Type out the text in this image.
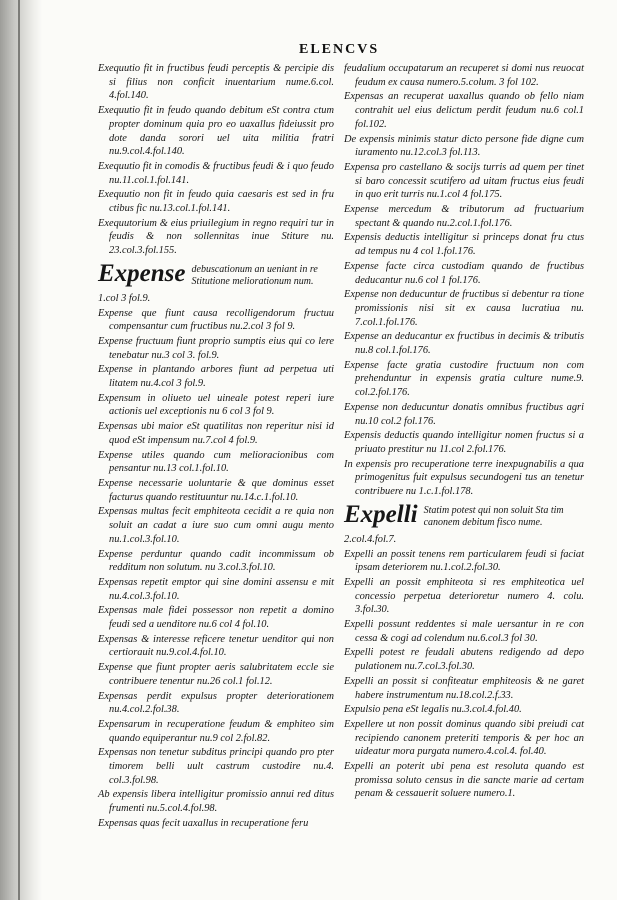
ELENCVS

Exequutio fit in fructibus feudi perceptis & percipie dis si filius non conficit inuentarium nume.6.col. 4.fol.140.

Exequutio fit in feudo quando debitum eSt contra ctum propter dominum quia pro eo uaxallus fideiussit pro dote danda sorori uel uita militia fratri nu.9.col.4.fol.140.

Exequutio fit in comodis & fructibus feudi & i quo feudo nu.11.col.1.fol.141.

Exequutio non fit in feudo quia caesaris est sed in fru ctibus fic nu.13.col.1.fol.141.

Exequutorium & eius priuilegium in regno requiri tur in feudis & non sollennitas inue Stiture nu. 23.col.3.fol.155.

Expense debuscationum an ueniant in re Stitutione meliorationum num.

1.col 3 fol.9.

Expense que fiunt causa recolligendorum fructuu compensantur cum fructibus nu.2.col 3 fol 9.

Expense fructuum fiunt proprio sumptis eius qui co lere tenebatur nu.3 col 3. fol.9.

Expense in plantando arbores fiunt ad perpetua uti litatem nu.4.col 3 fol.9.

Expensum in oliueto uel uineale potest reperi iure actionis uel exceptionis nu 6 col 3 fol 9.

Expensas ubi maior eSt quatilitas non reperitur nisi id quod eSt impensum nu.7.col 4 fol.9.

Expense utiles quando cum melioracionibus com pensantur nu.13 col.1.fol.10.

Expense necessarie uoluntarie & que dominus esset facturus quando restituuntur nu.14.c.1.fol.10.

Expensas multas fecit emphiteota cecidit a re quia non soluit an cadat a iure suo cum omni augu mento nu.1.col.3.fol.10.

Expense perduntur quando cadit incommissum ob redditum non solutum. nu 3.col.3.fol.10.

Expensas repetit emptor qui sine domini assensu e mit nu.4.col.3.fol.10.

Expensas male fidei possessor non repetit a domino feudi sed a uenditore nu.6 col 4 fol.10.

Expensas & interesse reficere tenetur uenditor qui non certiorauit nu.9.col.4.fol.10.

Expense que fiunt propter aeris salubritatem eccle sie contribuere tenentur nu.26 col.1 fol.12.

Expensas perdit expulsus propter deteriorationem nu.4.col.2.fol.38.

Expensarum in recuperatione feudum & emphiteo sim quando equiperantur nu.9 col 2.fol.82.

Expensas non tenetur subditus principi quando pro pter timorem belli uult castrum custodire nu.4. col.3.fol.98.

Ab expensis libera intelligitur promissio annui red ditus frumenti nu.5.col.4.fol.98.

Expensas quas fecit uaxallus in recuperatione feru

feudalium occupatarum an recuperet si domi nus reuocat feudum ex causa numero.5.colum. 3 fol 102.

Expensas an recuperat uaxallus quando ob fello niam contrahit uel eius delictum perdit feudum nu.6 col.1 fol.102.

De expensis minimis statur dicto persone fide digne cum iuramento nu.12.col.3 fol.113.

Expensa pro castellano & socijs turris ad quem per tinet si baro concessit scutifero ad uitam fructus eius feudi in quo erit turris nu.1.col 4 fol.175.

Expense mercedum & tributorum ad fructuarium spectant & quando nu.2.col.1.fol.176.

Expensis deductis intelligitur si princeps donat fru ctus ad tempus nu 4 col 1.fol.176.

Expense facte circa custodiam quando de fructibus deducantur nu.6 col 1 fol.176.

Expense non deducuntur de fructibus si debentur ra tione promissionis nisi sit ex causa lucratiua nu. 7.col.1.fol.176.

Expense an deducantur ex fructibus in decimis & tributis nu.8 col.1.fol.176.

Expense facte gratia custodire fructuum non com prehenduntur in expensis gratia culture nume.9. col.2.fol.176.

Expense non deducuntur donatis omnibus fructibus agri nu.10 col.2 fol.176.

Expensis deductis quando intelligitur nomen fructus si a priuato prestitur nu 11.col 2.fol.176.

In expensis pro recuperatione terre inexpugnabilis a qua primogenitus fuit expulsus secundogeni tus an tenetur contribuere nu 1.c.1.fol.178.

Expelli Statim potest qui non soluit Sta tim canonem debitum fisco nume.

2.col.4.fol.7.

Expelli an possit tenens rem particularem feudi si faciat ipsam deteriorem nu.1.col.2.fol.30.

Expelli an possit emphiteota si res emphiteotica uel concessio perpetua deterioretur numero 4. colu. 3.fol.30.

Expelli possunt reddentes si male uersantur in re con cessa & cogi ad colendum nu.6.col.3 fol 30.

Expelli potest re feudali abutens redigendo ad depo pulationem nu.7.col.3.fol.30.

Expelli an possit si confiteatur emphiteosis & ne garet habere instrumentum nu.18.col.2.f.33.

Expulsio pena eSt legalis nu.3.col.4.fol.40.

Expellere ut non possit dominus quando sibi preiudi cat recipiendo canonem preteriti temporis & per hoc an uideatur mora purgata numero.4.col.4. fol.40.

Expelli an poterit ubi pena est resoluta quando est promissa soluto census in die sancte marie ad certam penam & cessauerit soluere numero.1.
